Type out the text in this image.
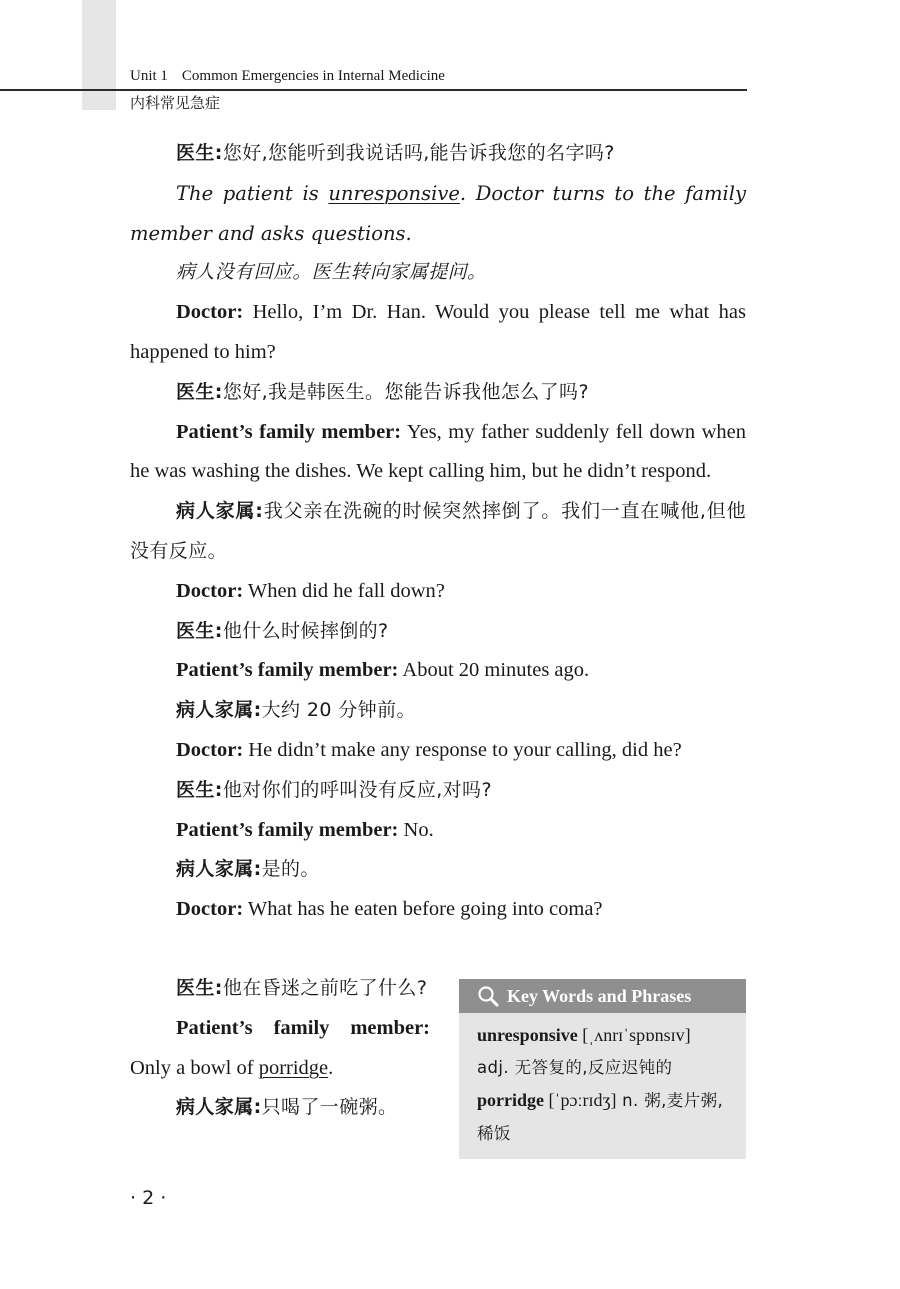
Unit 1 Common Emergencies in Internal Medicine
内科常见急症

医生:您好,您能听到我说话吗,能告诉我您的名字吗?

The patient is unresponsive. Doctor turns to the family member and asks questions.

病人没有回应。医生转向家属提问。

Doctor: Hello, I’m Dr. Han. Would you please tell me what has happened to him?

医生:您好,我是韩医生。您能告诉我他怎么了吗?

Patient’s family member: Yes, my father suddenly fell down when he was washing the dishes. We kept calling him, but he didn’t respond.

病人家属:我父亲在洗碗的时候突然摔倒了。我们一直在喊他,但他没有反应。

Doctor: When did he fall down?

医生:他什么时候摔倒的?

Patient’s family member: About 20 minutes ago.

病人家属:大约 20 分钟前。

Doctor: He didn’t make any response to your calling, did he?

医生:他对你们的呼叫没有反应,对吗?

Patient’s family member: No.

病人家属:是的。

Doctor: What has he eaten before going into coma?

医生:他在昏迷之前吃了什么?

Patient’s family member: Only a bowl of porridge.

病人家属:只喝了一碗粥。

Key Words and Phrases

unresponsive [ˌʌnrɪˈspɒnsɪv]
adj. 无答复的,反应迟钝的

porridge [ˈpɔːrɪdʒ] n. 粥,麦片粥,稀饭

· 2 ·
